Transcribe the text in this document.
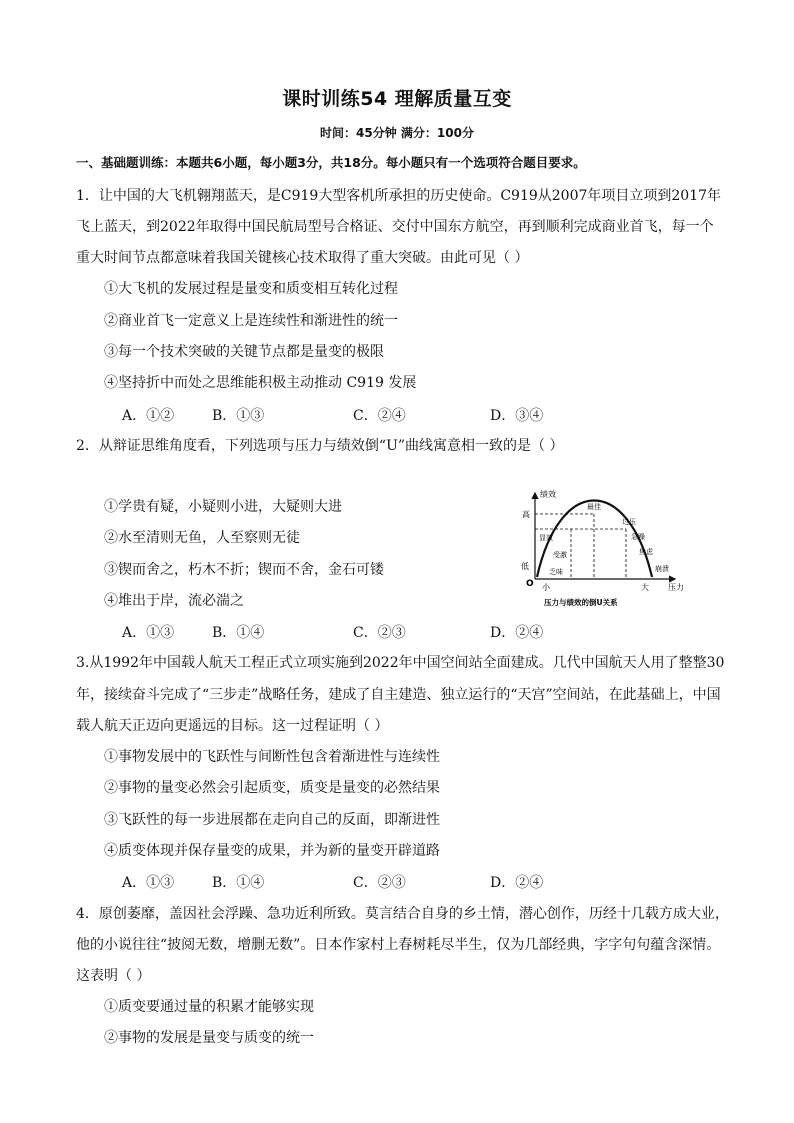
课时训练54 理解质量互变
时间：45分钟 满分：100分
一、基础题训练：本题共6小题，每小题3分，共18分。每小题只有一个选项符合题目要求。
1．让中国的大飞机翱翔蓝天，是C919大型客机所承担的历史使命。C919从2007年项目立项到2017年
飞上蓝天，到2022年取得中国民航局型号合格证、交付中国东方航空，再到顺利完成商业首飞，每一个
重大时间节点都意味着我国关键核心技术取得了重大突破。由此可见（ ）
①大飞机的发展过程是量变和质变相互转化过程
②商业首飞一定意义上是连续性和渐进性的统一
③每一个技术突破的关键节点都是量变的极限
④坚持折中而处之思维能积极主动推动 C919 发展
A．①②	B．①③	C．②④	D．③④
2．从辩证思维角度看，下列选项与压力与绩效倒“U”曲线寓意相一致的是（ ）
①学贵有疑，小疑则小进，大疑则大进
②水至清则无鱼，人至察则无徒
③锲而舍之，朽木不折；锲而不舍，金石可镂
④堆出于岸，流必湍之
绩效
高
低
O 小	大 压力
最佳
显效
受激
乏味
过压
急躁
焦虑
崩溃
压力与绩效的倒U关系
A．①③	B．①④	C．②③	D．②④
3.从1992年中国载人航天工程正式立项实施到2022年中国空间站全面建成。几代中国航天人用了整整30
年，接续奋斗完成了“三步走”战略任务，建成了自主建造、独立运行的“天宫”空间站，在此基础上，中国
载人航天正迈向更遥远的目标。这一过程证明（ ）
①事物发展中的飞跃性与间断性包含着渐进性与连续性
②事物的量变必然会引起质变，质变是量变的必然结果
③飞跃性的每一步进展都在走向自己的反面，即渐进性
④质变体现并保存量变的成果，并为新的量变开辟道路
A．①③	B．①④	C．②③	D．②④
4．原创萎靡，盖因社会浮躁、急功近利所致。莫言结合自身的乡土情，潜心创作，历经十几载方成大业，
他的小说往往“披阅无数，增删无数”。日本作家村上春树耗尽半生，仅为几部经典，字字句句蕴含深情。
这表明（ ）
①质变要通过量的积累才能够实现
②事物的发展是量变与质变的统一
